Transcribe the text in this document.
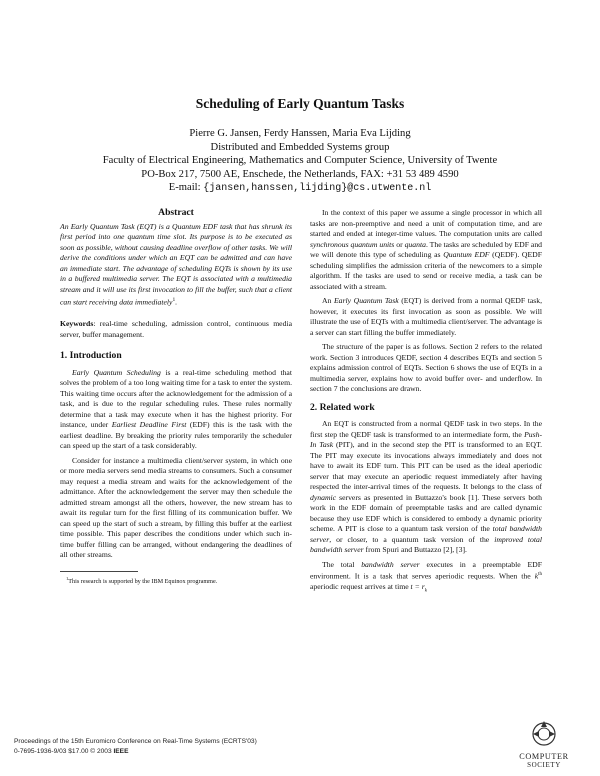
Scheduling of Early Quantum Tasks
Pierre G. Jansen, Ferdy Hanssen, Maria Eva Lijding
Distributed and Embedded Systems group
Faculty of Electrical Engineering, Mathematics and Computer Science, University of Twente
PO-Box 217, 7500 AE, Enschede, the Netherlands, FAX: +31 53 489 4590
E-mail: {jansen,hanssen,lijding}@cs.utwente.nl
Abstract

An Early Quantum Task (EQT) is a Quantum EDF task that has shrunk its first period into one quantum time slot. Its purpose is to be executed as soon as possible, without causing deadline overflow of other tasks. We will derive the conditions under which an EQT can be admitted and can have an immediate start. The advantage of scheduling EQTs is shown by its use in a buffered multimedia server. The EQT is associated with a multimedia stream and it will use its first invocation to fill the buffer, such that a client can start receiving data immediately$^1$.

Keywords: real-time scheduling, admission control, continuous media server, buffer management.

1. Introduction

Early Quantum Scheduling is a real-time scheduling method that solves the problem of a too long waiting time for a task to enter the system. This waiting time occurs after the acknowledgement for the admission of a task, and is due to the regular scheduling rules. These rules normally determine that a task may execute when it has the highest priority. For instance, under Earliest Deadline First (EDF) this is the task with the earliest deadline. By breaking the priority rules temporarily the scheduler can speed up the start of a task considerably.

Consider for instance a multimedia client/server system, in which one or more media servers send media streams to consumers. Such a consumer may request a media stream and waits for the acknowledgement of the admittance. After the acknowledgement the server may then schedule the admitted stream amongst all the others, however, the new stream has to await its regular turn for the first filling of its communication buffer. We can speed up the start of such a stream, by filling this buffer at the earliest time possible. This paper describes the conditions under which such in-time buffer filling can be arranged, without endangering the deadlines of all other streams.

$^1$This research is supported by the IBM Equinox programme.

In the context of this paper we assume a single processor in which all tasks are non-preemptive and need a unit of computation time, and are started and ended at integer-time values. The computation units are called synchronous quantum units or quanta. The tasks are scheduled by EDF and we will denote this type of scheduling as Quantum EDF (QEDF). QEDF scheduling simplifies the admission criteria of the newcomers to a simple algorithm. If the tasks are used to send or receive media, a task can be associated with a stream.

An Early Quantum Task (EQT) is derived from a normal QEDF task, however, it executes its first invocation as soon as possible. We will illustrate the use of EQTs with a multimedia client/server. The advantage is a server can start filling the buffer immediately.

The structure of the paper is as follows. Section 2 refers to the related work. Section 3 introduces QEDF, section 4 describes EQTs and section 5 explains admission control of EQTs. Section 6 shows the use of EQTs in a multimedia server, explains how to avoid buffer over- and underflow. In section 7 the conclusions are drawn.

2. Related work

An EQT is constructed from a normal QEDF task in two steps. In the first step the QEDF task is transformed to an intermediate form, the Push-In Task (PIT), and in the second step the PIT is transformed to an EQT. The PIT may execute its invocations always immediately and does not have to await its EDF turn. This PIT can be used as the ideal aperiodic server that may execute an aperiodic request immediately after having respected the inter-arrival times of the requests. It belongs to the class of dynamic servers as presented in Buttazzo's book [1]. These servers both work in the EDF domain of preemptable tasks and are called dynamic because they use EDF which is considered to embody a dynamic priority scheme. A PIT is close to a quantum task version of the total bandwidth server, or closer, to a quantum task version of the improved total bandwidth server from Spuri and Buttazzo [2], [3].

The total bandwidth server executes in a preemptable EDF environment. It is a task that serves aperiodic requests. When the $k^{th}$ aperiodic request arrives at time $t = r_k$

Proceedings of the 15th Euromicro Conference on Real-Time Systems (ECRTS'03)
0-7695-1936-9/03 $17.00 © 2003 IEEE
COMPUTER
SOCIETY
